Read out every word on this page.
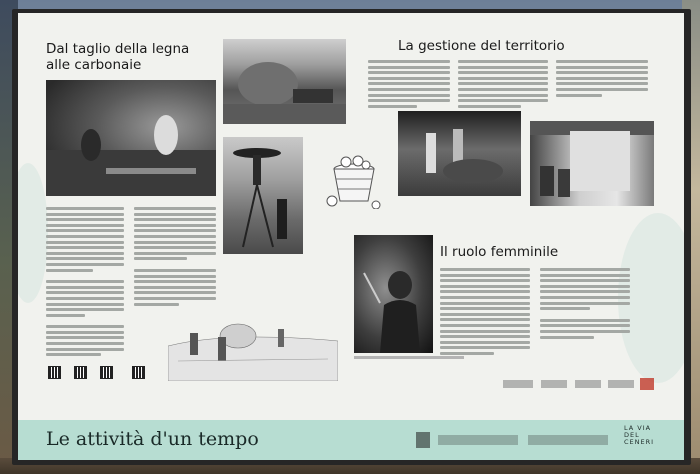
Dal taglio della legna alle carbonaie
La gestione del territorio
Il ruolo femminile
Le attività d'un tempo	LA VIA DEL CENERI
